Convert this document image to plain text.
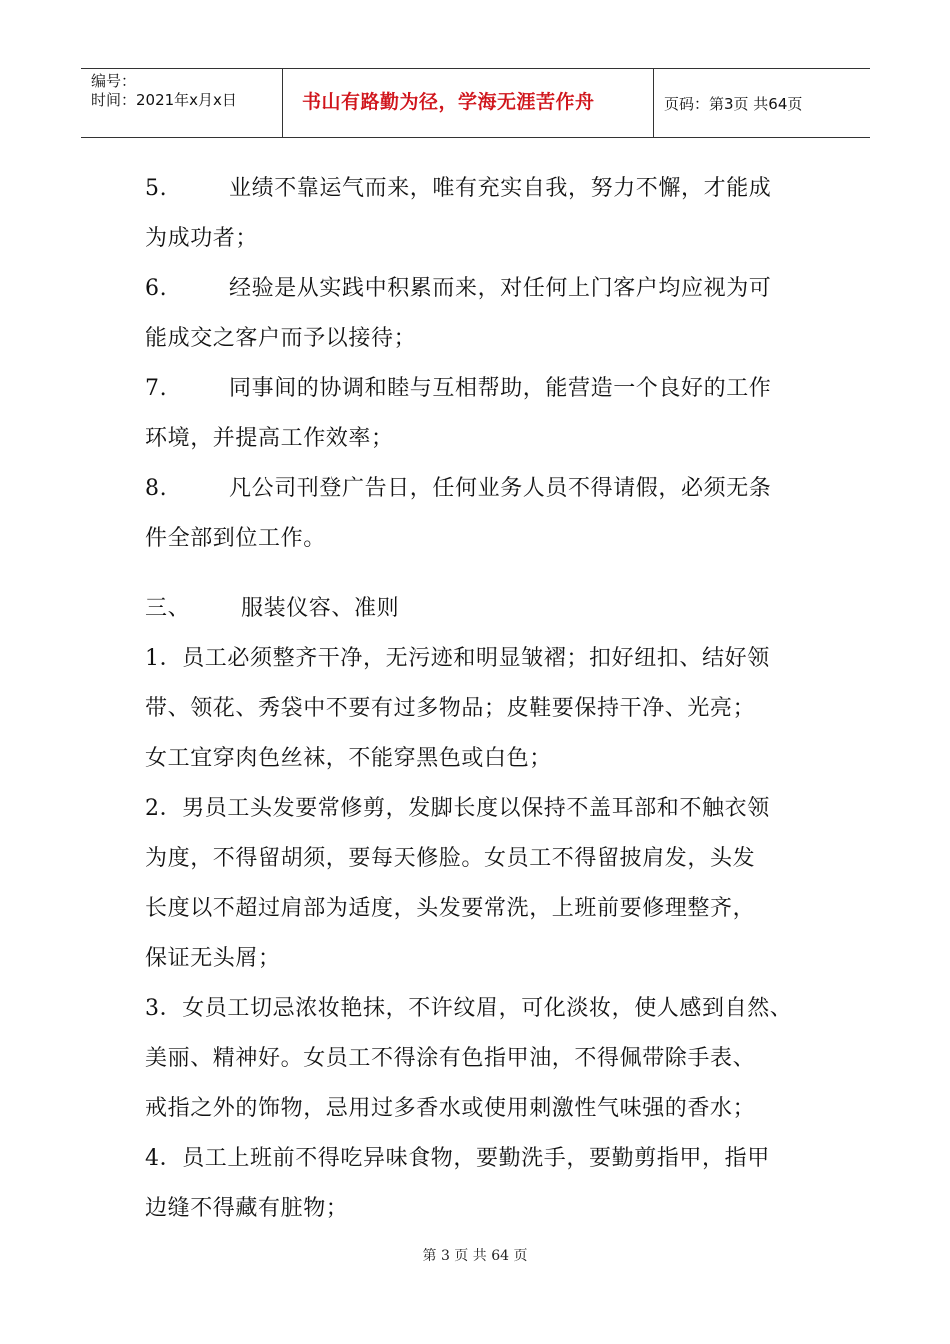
编号：
时间：2021年x月x日	书山有路勤为径，学海无涯苦作舟	页码：第3页 共64页
5.	业绩不靠运气而来，唯有充实自我，努力不懈，才能成
为成功者；
6.	经验是从实践中积累而来，对任何上门客户均应视为可
能成交之客户而予以接待；
7.	同事间的协调和睦与互相帮助，能营造一个良好的工作
环境，并提高工作效率；
8.	凡公司刊登广告日，任何业务人员不得请假，必须无条
件全部到位工作。
三、 服装仪容、准则
1．员工必须整齐干净，无污迹和明显皱褶；扣好纽扣、结好领
带、领花、秀袋中不要有过多物品；皮鞋要保持干净、光亮；
女工宜穿肉色丝袜，不能穿黑色或白色；
2．男员工头发要常修剪，发脚长度以保持不盖耳部和不触衣领
为度，不得留胡须，要每天修脸。女员工不得留披肩发，头发
长度以不超过肩部为适度，头发要常洗，上班前要修理整齐，
保证无头屑；
3．女员工切忌浓妆艳抹，不许纹眉，可化淡妆，使人感到自然、
美丽、精神好。女员工不得涂有色指甲油，不得佩带除手表、
戒指之外的饰物，忌用过多香水或使用刺激性气味强的香水；
4．员工上班前不得吃异味食物，要勤洗手，要勤剪指甲，指甲
边缝不得藏有脏物；
第 3 页 共 64 页
